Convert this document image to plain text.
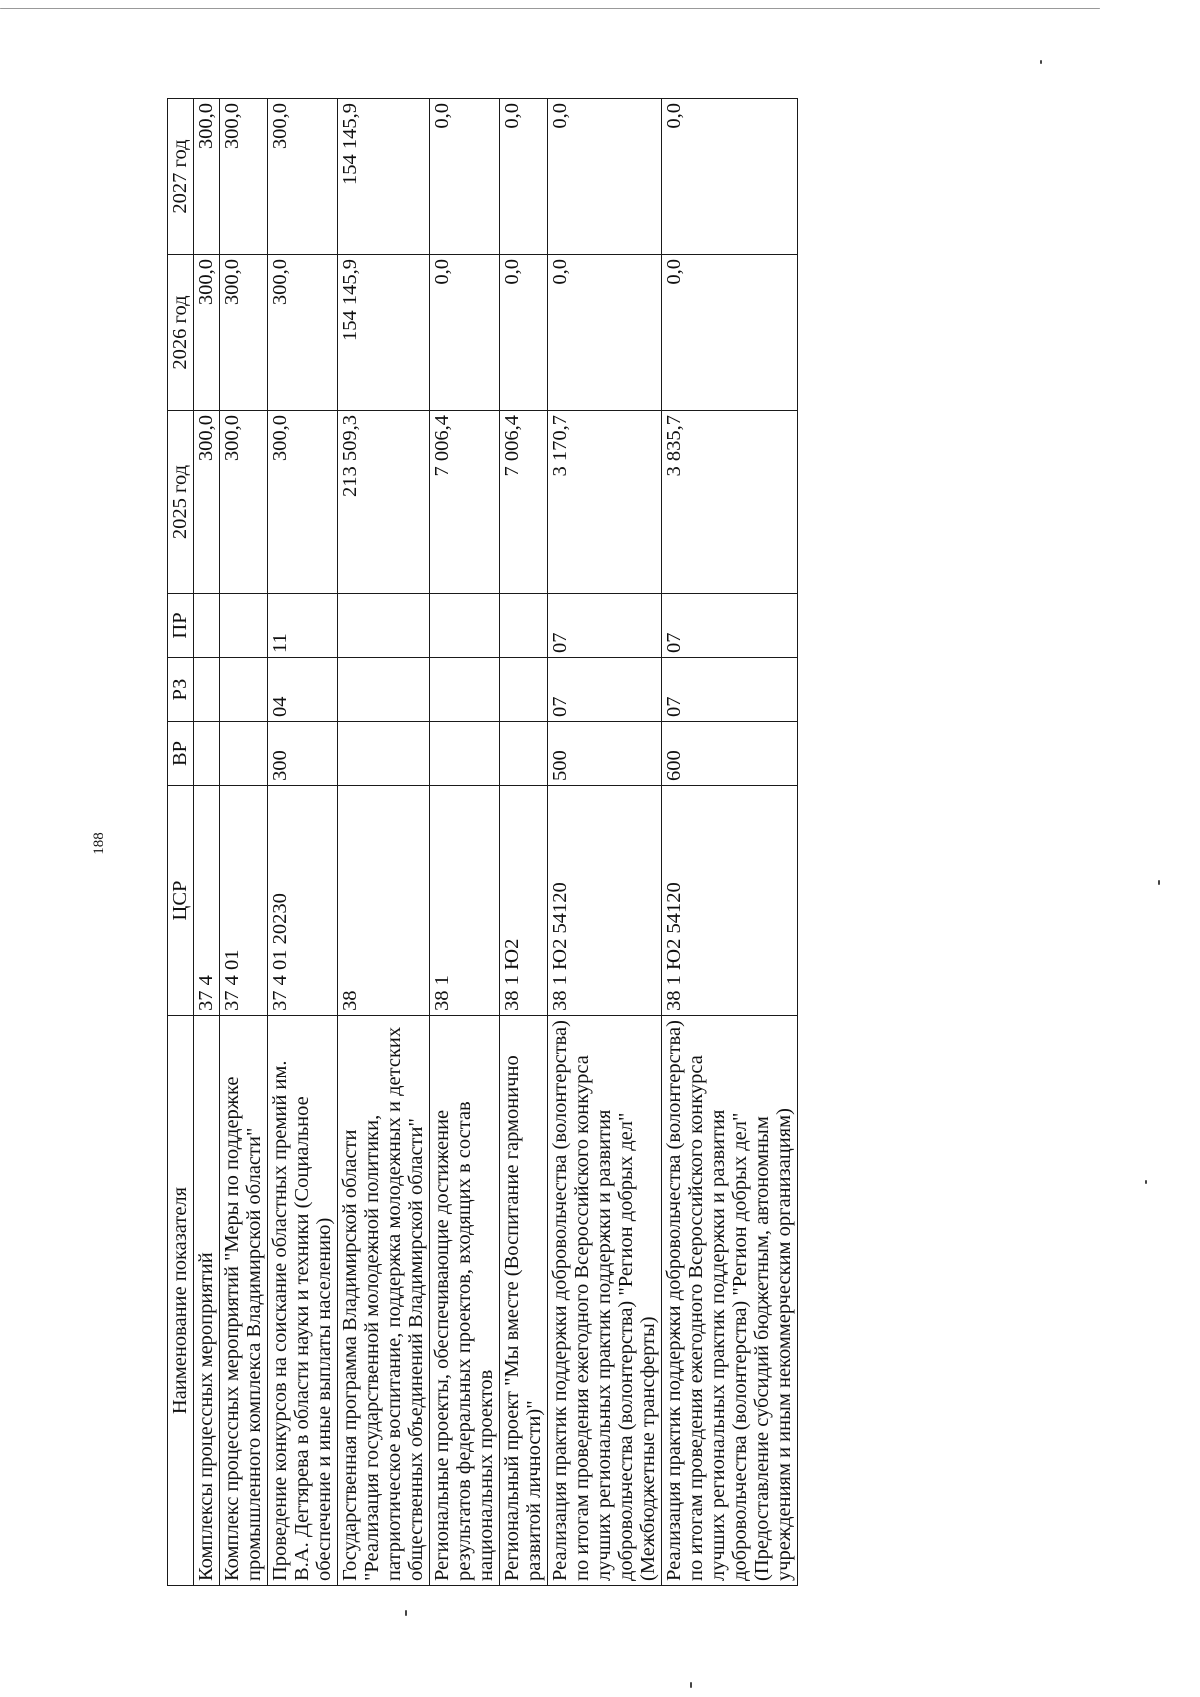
188
Наименование показателя	ЦСР	ВР	РЗ	ПР	2025 год	2026 год	2027 год
Комплексы процессных мероприятий	37 4				300,0	300,0	300,0
Комплекс процессных мероприятий "Меры по поддержке промышленного комплекса Владимирской области"	37 4 01				300,0	300,0	300,0
Проведение конкурсов на соискание областных премий им. В.А. Дегтярева в области науки и техники (Социальное обеспечение и иные выплаты населению)	37 4 01 20230	300	04	11	300,0	300,0	300,0
Государственная программа Владимирской области "Реализация государственной молодежной политики, патриотическое воспитание, поддержка молодежных и детских общественных объединений Владимирской области"	38				213 509,3	154 145,9	154 145,9
Региональные проекты, обеспечивающие достижение результатов федеральных проектов, входящих в состав национальных проектов	38 1				7 006,4	0,0	0,0
Региональный проект "Мы вместе (Воспитание гармонично развитой личности)"	38 1 Ю2				7 006,4	0,0	0,0
Реализация практик поддержки добровольчества (волонтерства) по итогам проведения ежегодного Всероссийского конкурса лучших региональных практик поддержки и развития добровольчества (волонтерства) "Регион добрых дел" (Межбюджетные трансферты)	38 1 Ю2 54120	500	07	07	3 170,7	0,0	0,0
Реализация практик поддержки добровольчества (волонтерства) по итогам проведения ежегодного Всероссийского конкурса лучших региональных практик поддержки и развития добровольчества (волонтерства) "Регион добрых дел" (Предоставление субсидий бюджетным, автономным учреждениям и иным некоммерческим организациям)	38 1 Ю2 54120	600	07	07	3 835,7	0,0	0,0
